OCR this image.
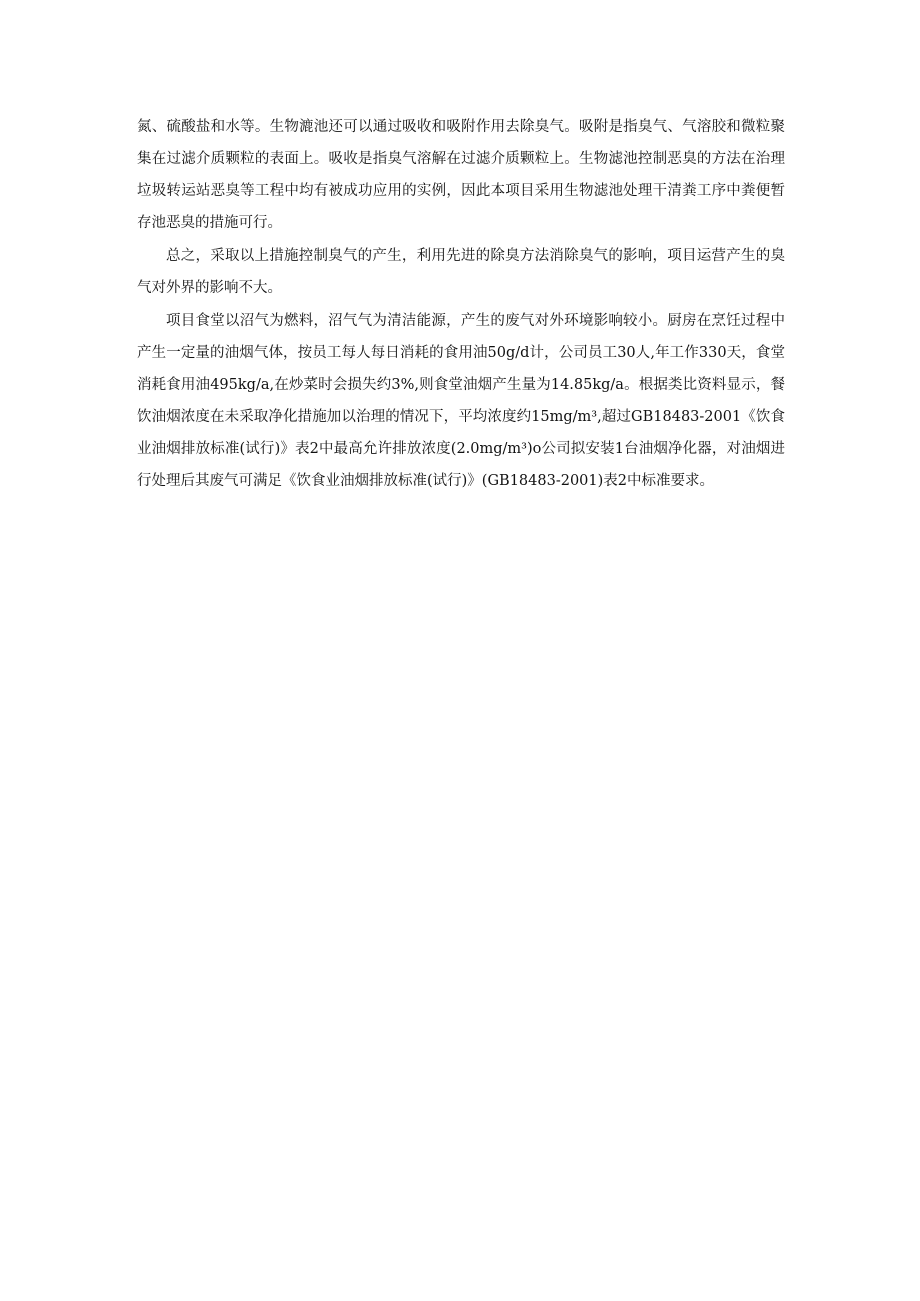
氮、硫酸盐和水等。生物漉池还可以通过吸收和吸附作用去除臭气。吸附是指臭气、气溶胶和微粒聚集在过滤介质颗粒的表面上。吸收是指臭气溶解在过滤介质颗粒上。生物滤池控制恶臭的方法在治理垃圾转运站恶臭等工程中均有被成功应用的实例，因此本项目采用生物滤池处理干清粪工序中粪便暂存池恶臭的措施可行。

总之，采取以上措施控制臭气的产生，利用先进的除臭方法消除臭气的影响，项目运营产生的臭气对外界的影响不大。

项目食堂以沼气为燃料，沼气气为清洁能源，产生的废气对外环境影响较小。厨房在烹饪过程中产生一定量的油烟气体，按员工每人每日消耗的食用油50g/d计，公司员工30人,年工作330天，食堂消耗食用油495kg/a,在炒菜时会损失约3%,则食堂油烟产生量为14.85kg/a。根据类比资料显示，餐饮油烟浓度在未采取净化措施加以治理的情况下，平均浓度约15mg/m³,超过GB18483-2001《饮食业油烟排放标准(试行)》表2中最高允许排放浓度(2.0mg/m³)o公司拟安装1台油烟净化器，对油烟进行处理后其废气可满足《饮食业油烟排放标准(试行)》(GB18483-2001)表2中标准要求。
